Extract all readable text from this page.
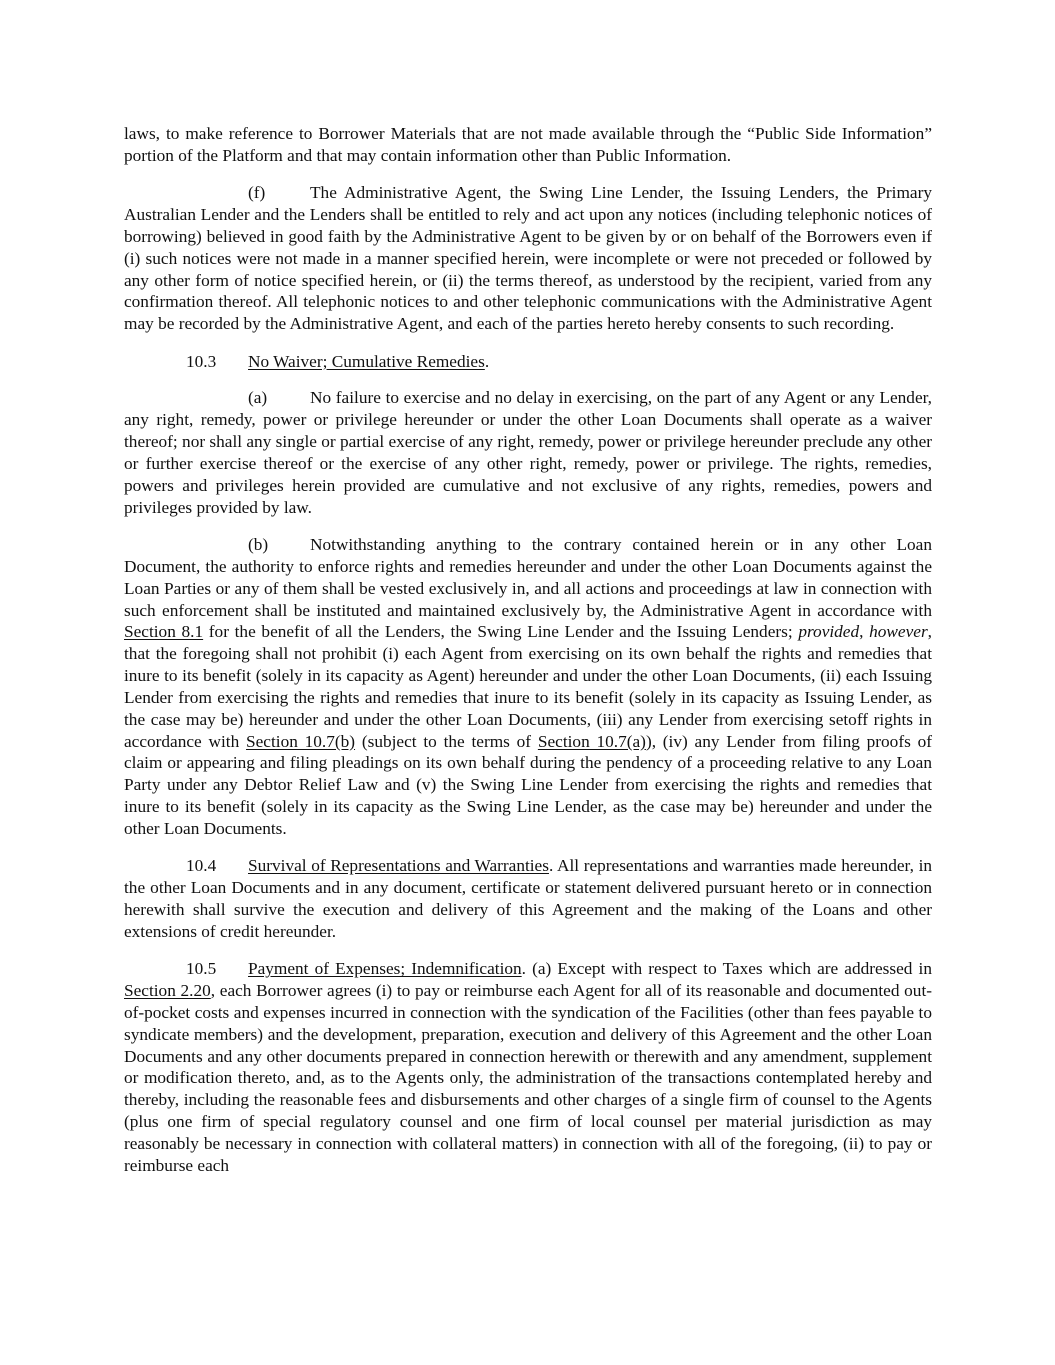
laws, to make reference to Borrower Materials that are not made available through the “Public Side Information” portion of the Platform and that may contain information other than Public Information.

(f)	The Administrative Agent, the Swing Line Lender, the Issuing Lenders, the Primary Australian Lender and the Lenders shall be entitled to rely and act upon any notices (including telephonic notices of borrowing) believed in good faith by the Administrative Agent to be given by or on behalf of the Borrowers even if (i) such notices were not made in a manner specified herein, were incomplete or were not preceded or followed by any other form of notice specified herein, or (ii) the terms thereof, as understood by the recipient, varied from any confirmation thereof. All telephonic notices to and other telephonic communications with the Administrative Agent may be recorded by the Administrative Agent, and each of the parties hereto hereby consents to such recording.

10.3 No Waiver; Cumulative Remedies.

(a) No failure to exercise and no delay in exercising, on the part of any Agent or any Lender, any right, remedy, power or privilege hereunder or under the other Loan Documents shall operate as a waiver thereof; nor shall any single or partial exercise of any right, remedy, power or privilege hereunder preclude any other or further exercise thereof or the exercise of any other right, remedy, power or privilege. The rights, remedies, powers and privileges herein provided are cumulative and not exclusive of any rights, remedies, powers and privileges provided by law.

(b) Notwithstanding anything to the contrary contained herein or in any other Loan Document, the authority to enforce rights and remedies hereunder and under the other Loan Documents against the Loan Parties or any of them shall be vested exclusively in, and all actions and proceedings at law in connection with such enforcement shall be instituted and maintained exclusively by, the Administrative Agent in accordance with Section 8.1 for the benefit of all the Lenders, the Swing Line Lender and the Issuing Lenders; provided, however, that the foregoing shall not prohibit (i) each Agent from exercising on its own behalf the rights and remedies that inure to its benefit (solely in its capacity as Agent) hereunder and under the other Loan Documents, (ii) each Issuing Lender from exercising the rights and remedies that inure to its benefit (solely in its capacity as Issuing Lender, as the case may be) hereunder and under the other Loan Documents, (iii) any Lender from exercising setoff rights in accordance with Section 10.7(b) (subject to the terms of Section 10.7(a)), (iv) any Lender from filing proofs of claim or appearing and filing pleadings on its own behalf during the pendency of a proceeding relative to any Loan Party under any Debtor Relief Law and (v) the Swing Line Lender from exercising the rights and remedies that inure to its benefit (solely in its capacity as the Swing Line Lender, as the case may be) hereunder and under the other Loan Documents.

10.4 Survival of Representations and Warranties. All representations and warranties made hereunder, in the other Loan Documents and in any document, certificate or statement delivered pursuant hereto or in connection herewith shall survive the execution and delivery of this Agreement and the making of the Loans and other extensions of credit hereunder.

10.5 Payment of Expenses; Indemnification. (a) Except with respect to Taxes which are addressed in Section 2.20, each Borrower agrees (i) to pay or reimburse each Agent for all of its reasonable and documented out-of-pocket costs and expenses incurred in connection with the syndication of the Facilities (other than fees payable to syndicate members) and the development, preparation, execution and delivery of this Agreement and the other Loan Documents and any other documents prepared in connection herewith or therewith and any amendment, supplement or modification thereto, and, as to the Agents only, the administration of the transactions contemplated hereby and thereby, including the reasonable fees and disbursements and other charges of a single firm of counsel to the Agents (plus one firm of special regulatory counsel and one firm of local counsel per material jurisdiction as may reasonably be necessary in connection with collateral matters) in connection with all of the foregoing, (ii) to pay or reimburse each
